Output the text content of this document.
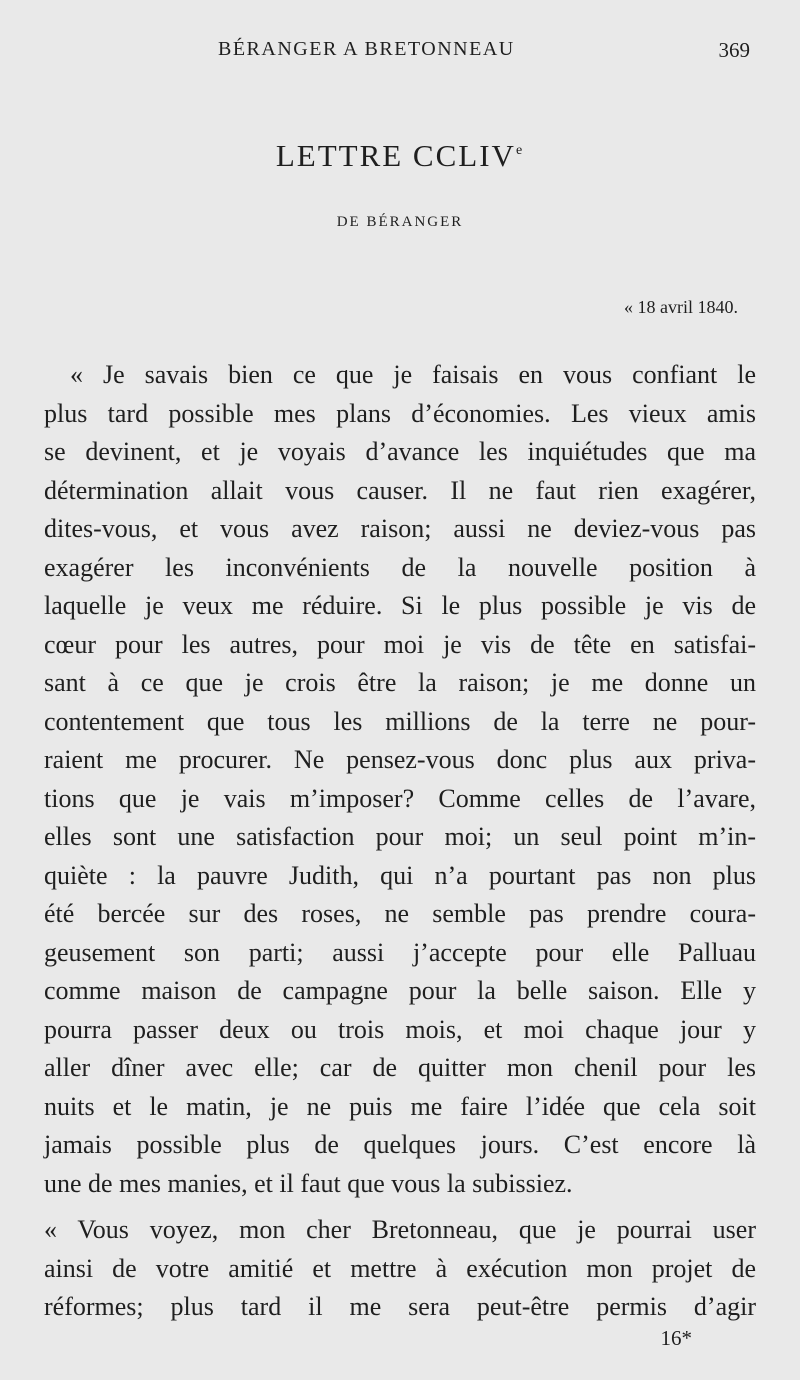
BÉRANGER A BRETONNEAU	369
LETTRE CCLIVe
DE BÉRANGER
« 18 avril 1840.
« Je savais bien ce que je faisais en vous confiant le
plus tard possible mes plans d’économies. Les vieux amis
se devinent, et je voyais d’avance les inquiétudes que ma
détermination allait vous causer. Il ne faut rien exagérer,
dites-vous, et vous avez raison; aussi ne deviez-vous pas
exagérer les inconvénients de la nouvelle position à
laquelle je veux me réduire. Si le plus possible je vis de
cœur pour les autres, pour moi je vis de tête en satisfai-
sant à ce que je crois être la raison; je me donne un
contentement que tous les millions de la terre ne pour-
raient me procurer. Ne pensez-vous donc plus aux priva-
tions que je vais m’imposer? Comme celles de l’avare,
elles sont une satisfaction pour moi; un seul point m’in-
quiète : la pauvre Judith, qui n’a pourtant pas non plus
été bercée sur des roses, ne semble pas prendre coura-
geusement son parti; aussi j’accepte pour elle Palluau
comme maison de campagne pour la belle saison. Elle y
pourra passer deux ou trois mois, et moi chaque jour y
aller dîner avec elle; car de quitter mon chenil pour les
nuits et le matin, je ne puis me faire l’idée que cela soit
jamais possible plus de quelques jours. C’est encore là
une de mes manies, et il faut que vous la subissiez.
« Vous voyez, mon cher Bretonneau, que je pourrai user
ainsi de votre amitié et mettre à exécution mon projet de
réformes; plus tard il me sera peut-être permis d’agir
16*
